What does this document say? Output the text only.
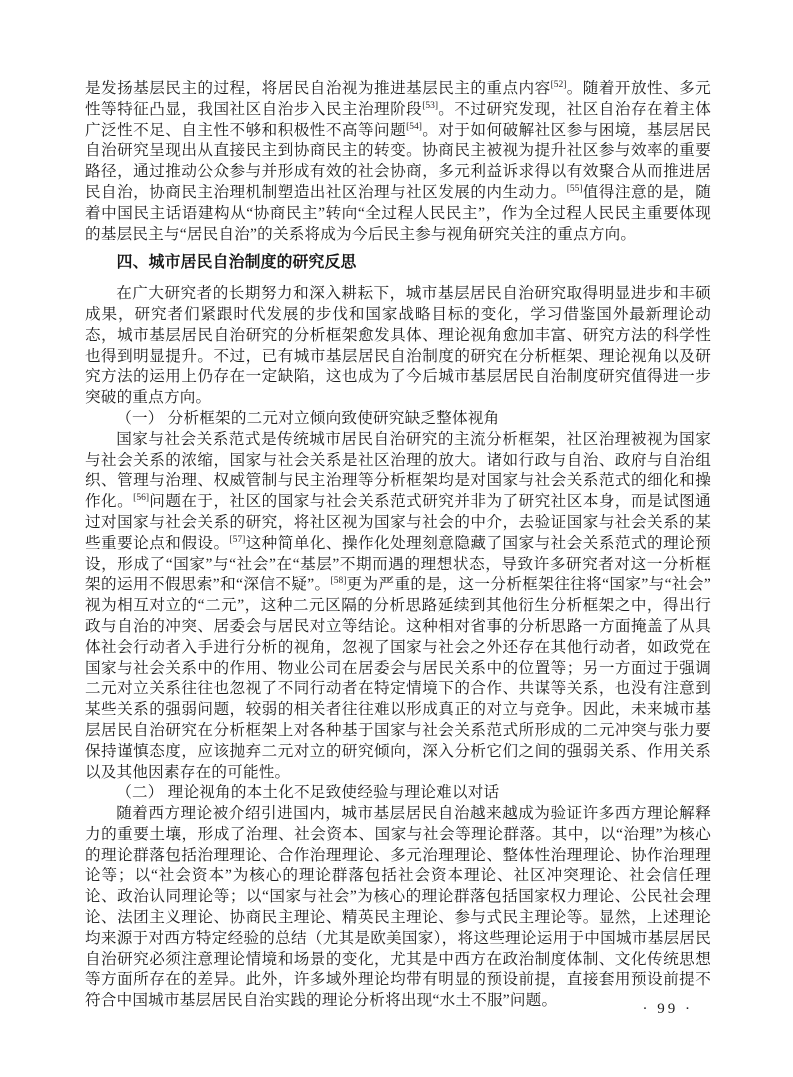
是发扬基层民主的过程，将居民自治视为推进基层民主的重点内容[52]。随着开放性、多元性等特征凸显，我国社区自治步入民主治理阶段[53]。不过研究发现，社区自治存在着主体广泛性不足、自主性不够和积极性不高等问题[54]。对于如何破解社区参与困境，基层居民自治研究呈现出从直接民主到协商民主的转变。协商民主被视为提升社区参与效率的重要路径，通过推动公众参与并形成有效的社会协商，多元利益诉求得以有效聚合从而推进居民自治，协商民主治理机制塑造出社区治理与社区发展的内生动力。[55]值得注意的是，随着中国民主话语建构从“协商民主”转向“全过程人民民主”，作为全过程人民民主重要体现的基层民主与“居民自治”的关系将成为今后民主参与视角研究关注的重点方向。
四、城市居民自治制度的研究反思
在广大研究者的长期努力和深入耕耘下，城市基层居民自治研究取得明显进步和丰硕成果，研究者们紧跟时代发展的步伐和国家战略目标的变化，学习借鉴国外最新理论动态，城市基层居民自治研究的分析框架愈发具体、理论视角愈加丰富、研究方法的科学性也得到明显提升。不过，已有城市基层居民自治制度的研究在分析框架、理论视角以及研究方法的运用上仍存在一定缺陷，这也成为了今后城市基层居民自治制度研究值得进一步突破的重点方向。
（一） 分析框架的二元对立倾向致使研究缺乏整体视角
国家与社会关系范式是传统城市居民自治研究的主流分析框架，社区治理被视为国家与社会关系的浓缩，国家与社会关系是社区治理的放大。诸如行政与自治、政府与自治组织、管理与治理、权威管制与民主治理等分析框架均是对国家与社会关系范式的细化和操作化。[56]问题在于，社区的国家与社会关系范式研究并非为了研究社区本身，而是试图通过对国家与社会关系的研究，将社区视为国家与社会的中介，去验证国家与社会关系的某些重要论点和假设。[57]这种简单化、操作化处理刻意隐藏了国家与社会关系范式的理论预设，形成了“国家”与“社会”在“基层”不期而遇的理想状态，导致许多研究者对这一分析框架的运用不假思索”和“深信不疑”。[58]更为严重的是，这一分析框架往往将“国家”与“社会”视为相互对立的“二元”，这种二元区隔的分析思路延续到其他衍生分析框架之中，得出行政与自治的冲突、居委会与居民对立等结论。这种相对省事的分析思路一方面掩盖了从具体社会行动者入手进行分析的视角，忽视了国家与社会之外还存在其他行动者，如政党在国家与社会关系中的作用、物业公司在居委会与居民关系中的位置等；另一方面过于强调二元对立关系往往也忽视了不同行动者在特定情境下的合作、共谋等关系，也没有注意到某些关系的强弱问题，较弱的相关者往往难以形成真正的对立与竞争。因此，未来城市基层居民自治研究在分析框架上对各种基于国家与社会关系范式所形成的二元冲突与张力要保持谨慎态度，应该抛弃二元对立的研究倾向，深入分析它们之间的强弱关系、作用关系以及其他因素存在的可能性。
（二） 理论视角的本土化不足致使经验与理论难以对话
随着西方理论被介绍引进国内，城市基层居民自治越来越成为验证许多西方理论解释力的重要土壤，形成了治理、社会资本、国家与社会等理论群落。其中，以“治理”为核心的理论群落包括治理理论、合作治理理论、多元治理理论、整体性治理理论、协作治理理论等；以“社会资本”为核心的理论群落包括社会资本理论、社区冲突理论、社会信任理论、政治认同理论等；以“国家与社会”为核心的理论群落包括国家权力理论、公民社会理论、法团主义理论、协商民主理论、精英民主理论、参与式民主理论等。显然，上述理论均来源于对西方特定经验的总结（尤其是欧美国家），将这些理论运用于中国城市基层居民自治研究必须注意理论情境和场景的变化，尤其是中西方在政治制度体制、文化传统思想等方面所存在的差异。此外，许多域外理论均带有明显的预设前提，直接套用预设前提不符合中国城市基层居民自治实践的理论分析将出现“水土不服”问题。	· 99 ·
